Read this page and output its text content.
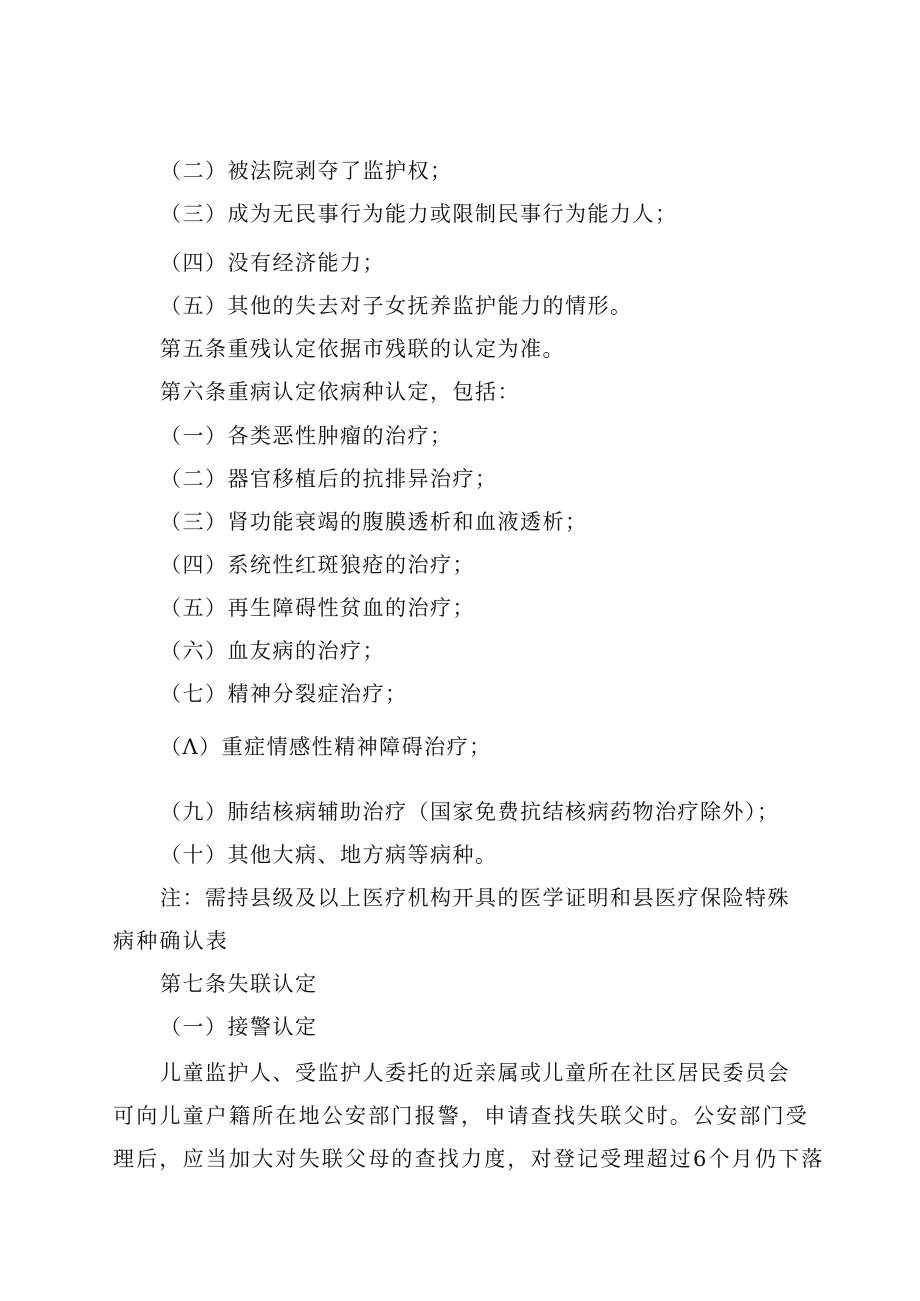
（二）被法院剥夺了监护权；

（三）成为无民事行为能力或限制民事行为能力人；

（四）没有经济能力；

（五）其他的失去对子女抚养监护能力的情形。

第五条重残认定依据市残联的认定为准。

第六条重病认定依病种认定，包括：

（一）各类恶性肿瘤的治疗；

（二）器官移植后的抗排异治疗；

（三）肾功能衰竭的腹膜透析和血液透析；

（四）系统性红斑狼疮的治疗；

（五）再生障碍性贫血的治疗；

（六）血友病的治疗；

（七）精神分裂症治疗；

（Λ）重症情感性精神障碍治疗；

（九）肺结核病辅助治疗（国家免费抗结核病药物治疗除外）；

（十）其他大病、地方病等病种。

注：需持县级及以上医疗机构开具的医学证明和县医疗保险特殊

病种确认表

第七条失联认定

（一）接警认定

儿童监护人、受监护人委托的近亲属或儿童所在社区居民委员会

可向儿童户籍所在地公安部门报警，申请查找失联父时。公安部门受

理后，应当加大对失联父母的查找力度，对登记受理超过6个月仍下落
